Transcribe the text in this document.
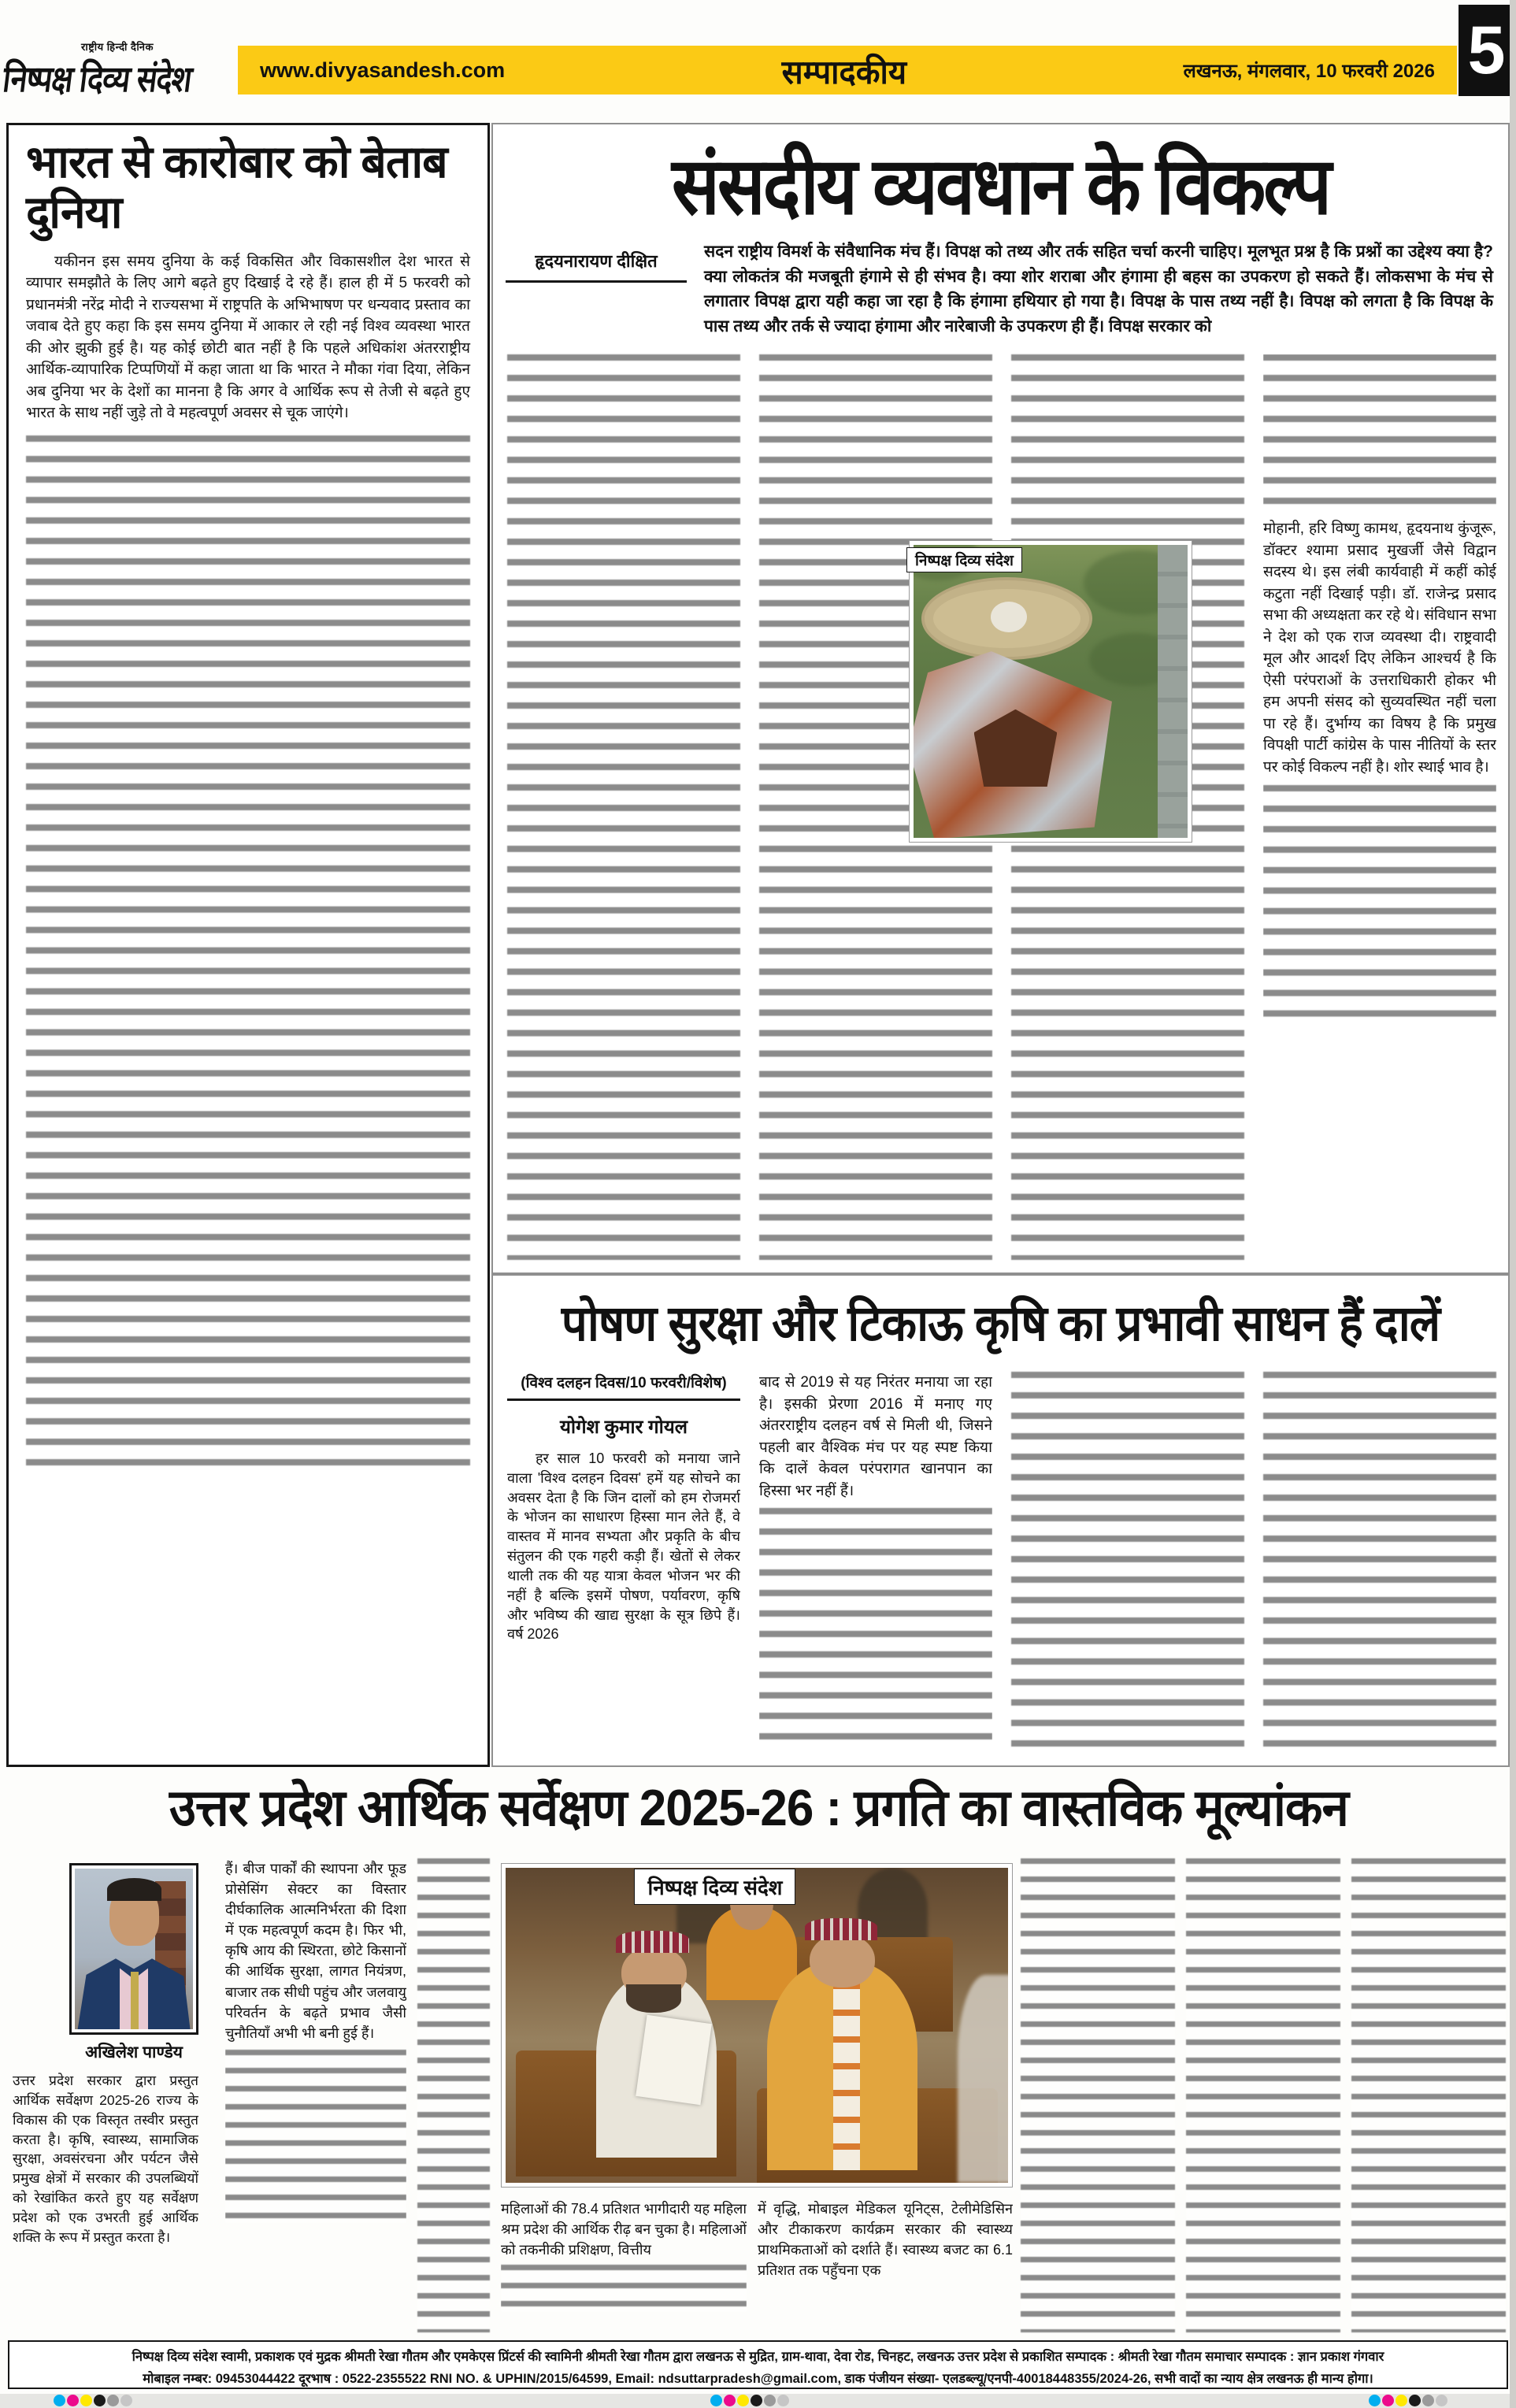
राष्ट्रीय हिन्दी दैनिक
निष्पक्ष दिव्य संदेश	www.divyasandesh.com	सम्पादकीय	लखनऊ, मंगलवार, 10 फरवरी 2026 5
भारत से कारोबार को बेताब दुनिया
यकीनन इस समय दुनिया के कई विकसित और विकासशील देश भारत से व्यापार समझौते के लिए आगे बढ़ते हुए दिखाई दे रहे हैं। हाल ही में 5 फरवरी को प्रधानमंत्री नरेंद्र मोदी ने राज्यसभा में राष्ट्रपति के अभिभाषण पर धन्यवाद प्रस्ताव का जवाब देते हुए कहा कि इस समय दुनिया में आकार ले रही नई विश्व व्यवस्था भारत की ओर झुकी हुई है। यह कोई छोटी बात नहीं है कि पहले अधिकांश अंतरराष्ट्रीय आर्थिक-व्यापारिक टिप्पणियों में कहा जाता था कि भारत ने मौका गंवा दिया, लेकिन अब दुनिया भर के देशों का मानना है कि अगर वे आर्थिक रूप से तेजी से बढ़ते हुए भारत के साथ नहीं जुड़े तो वे महत्वपूर्ण अवसर से चूक जाएंगे।
संसदीय व्यवधान के विकल्प
हृदयनारायण दीक्षित	सदन राष्ट्रीय विमर्श के संवैधानिक मंच हैं। विपक्ष को तथ्य और तर्क सहित चर्चा करनी चाहिए। मूलभूत प्रश्न है कि प्रश्नों का उद्देश्य क्या है? क्या लोकतंत्र की मजबूती हंगामे से ही संभव है। क्या शोर शराबा और हंगामा ही बहस का उपकरण हो सकते हैं। लोकसभा के मंच से लगातार विपक्ष द्वारा यही कहा जा रहा है कि हंगामा हथियार हो गया है। विपक्ष के पास तथ्य नहीं है। विपक्ष को लगता है कि विपक्ष के पास तथ्य और तर्क से ज्यादा हंगामा और नारेबाजी के उपकरण ही हैं। विपक्ष सरकार को
मोहानी, हरि विष्णु कामथ, हृदयनाथ कुंजूरू, डॉक्टर श्यामा प्रसाद मुखर्जी जैसे विद्वान सदस्य थे। इस लंबी कार्यवाही में कहीं कोई कटुता नहीं दिखाई पड़ी। डॉ. राजेन्द्र प्रसाद सभा की अध्यक्षता कर रहे थे। संविधान सभा ने देश को एक राज व्यवस्था दी। राष्ट्रवादी मूल और आदर्श दिए लेकिन आश्चर्य है कि ऐसी परंपराओं के उत्तराधिकारी होकर भी हम अपनी संसद को सुव्यवस्थित नहीं चला पा रहे हैं। दुर्भाग्य का विषय है कि प्रमुख विपक्षी पार्टी कांग्रेस के पास नीतियों के स्तर पर कोई विकल्प नहीं है। शोर स्थाई भाव है।
निष्पक्ष दिव्य संदेश
पोषण सुरक्षा और टिकाऊ कृषि का प्रभावी साधन हैं दालें
(विश्व दलहन दिवस/10 फरवरी/विशेष)
योगेश कुमार गोयल
हर साल 10 फरवरी को मनाया जाने वाला 'विश्व दलहन दिवस' हमें यह सोचने का अवसर देता है कि जिन दालों को हम रोजमर्रा के भोजन का साधारण हिस्सा मान लेते हैं, वे वास्तव में मानव सभ्यता और प्रकृति के बीच संतुलन की एक गहरी कड़ी हैं। खेतों से लेकर थाली तक की यह यात्रा केवल भोजन भर की नहीं है बल्कि इसमें पोषण, पर्यावरण, कृषि और भविष्य की खाद्य सुरक्षा के सूत्र छिपे हैं। वर्ष 2026
बाद से 2019 से यह निरंतर मनाया जा रहा है। इसकी प्रेरणा 2016 में मनाए गए अंतरराष्ट्रीय दलहन वर्ष से मिली थी, जिसने पहली बार वैश्विक मंच पर यह स्पष्ट किया कि दालें केवल परंपरागत खानपान का हिस्सा भर नहीं हैं।
उत्तर प्रदेश आर्थिक सर्वेक्षण 2025-26 : प्रगति का वास्तविक मूल्यांकन
अखिलेश पाण्डेय
उत्तर प्रदेश सरकार द्वारा प्रस्तुत आर्थिक सर्वेक्षण 2025-26 राज्य के विकास की एक विस्तृत तस्वीर प्रस्तुत करता है। कृषि, स्वास्थ्य, सामाजिक सुरक्षा, अवसंरचना और पर्यटन जैसे प्रमुख क्षेत्रों में सरकार की उपलब्धियों को रेखांकित करते हुए यह सर्वेक्षण प्रदेश को एक उभरती हुई आर्थिक शक्ति के रूप में प्रस्तुत करता है।
हैं। बीज पार्कों की स्थापना और फूड प्रोसेसिंग सेक्टर का विस्तार दीर्घकालिक आत्मनिर्भरता की दिशा में एक महत्वपूर्ण कदम है। फिर भी, कृषि आय की स्थिरता, छोटे किसानों की आर्थिक सुरक्षा, लागत नियंत्रण, बाजार तक सीधी पहुंच और जलवायु परिवर्तन के बढ़ते प्रभाव जैसी चुनौतियाँ अभी भी बनी हुई हैं।
निष्पक्ष दिव्य संदेश
महिलाओं की 78.4 प्रतिशत भागीदारी यह महिला श्रम प्रदेश की आर्थिक रीढ़ बन चुका है। महिलाओं को तकनीकी प्रशिक्षण, वित्तीय
में वृद्धि, मोबाइल मेडिकल यूनिट्स, टेलीमेडिसिन और टीकाकरण कार्यक्रम सरकार की स्वास्थ्य प्राथमिकताओं को दर्शाते हैं। स्वास्थ्य बजट का 6.1 प्रतिशत तक पहुँचना एक
निष्पक्ष दिव्य संदेश स्वामी, प्रकाशक एवं मुद्रक श्रीमती रेखा गौतम और एमकेएस प्रिंटर्स की स्वामिनी श्रीमती रेखा गौतम द्वारा लखनऊ से मुद्रित, ग्राम-थावा, देवा रोड, चिनहट, लखनऊ उत्तर प्रदेश से प्रकाशित सम्पादक : श्रीमती रेखा गौतम समाचार सम्पादक : ज्ञान प्रकाश गंगवार
मोबाइल नम्बर: 09453044422 दूरभाष : 0522-2355522 RNI NO. & UPHIN/2015/64599, Email: ndsuttarpradesh@gmail.com, डाक पंजीयन संख्या- एलडब्ल्यू/एनपी-40018448355/2024-26, सभी वादों का न्याय क्षेत्र लखनऊ ही मान्य होगा।
